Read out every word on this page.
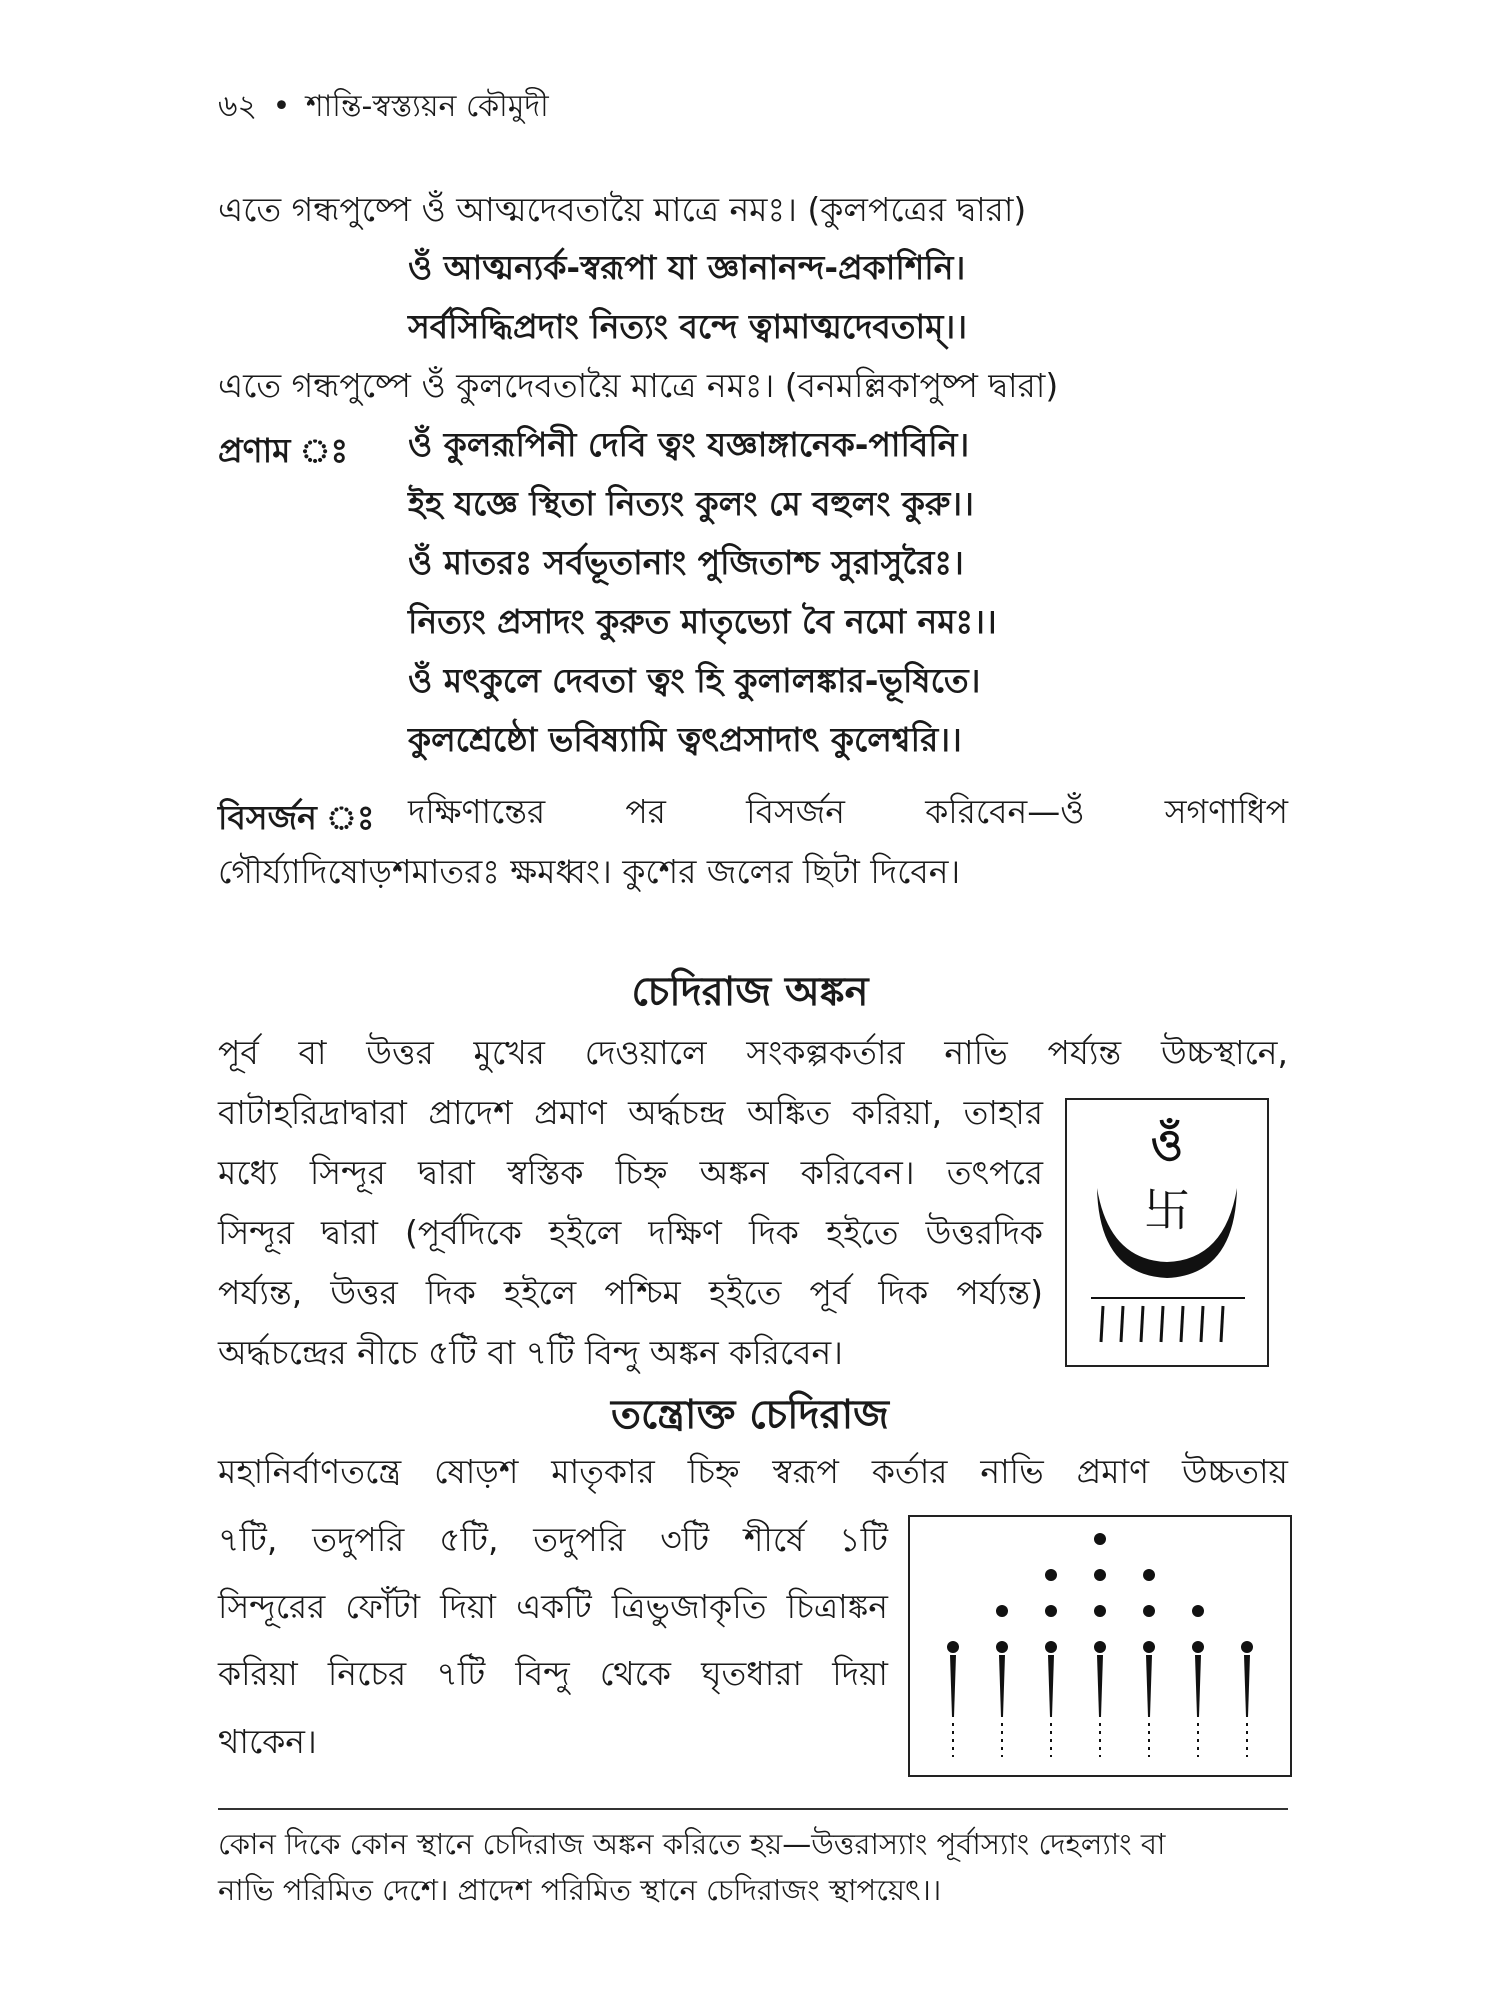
৬২ • শান্তি-স্বস্ত্যয়ন কৌমুদী
এতে গন্ধপুষ্পে ওঁ আত্মদেবতায়ৈ মাত্রে নমঃ। (কুলপত্রের দ্বারা)
ওঁ আত্মন্যর্ক-স্বরূপা যা জ্ঞানানন্দ-প্রকাশিনি।
সর্বসিদ্ধিপ্রদাং নিত্যং বন্দে ত্বামাত্মদেবতাম্।।
এতে গন্ধপুষ্পে ওঁ কুলদেবতায়ৈ মাত্রে নমঃ। (বনমল্লিকাপুষ্প দ্বারা)
প্রণাম ঃ ওঁ কুলরূপিনী দেবি ত্বং যজ্ঞাঙ্গানেক-পাবিনি।
ইহ যজ্ঞে স্থিতা নিত্যং কুলং মে বহুলং কুরু।।
ওঁ মাতরঃ সর্বভূতানাং পুজিতাশ্চ সুরাসুরৈঃ।
নিত্যং প্রসাদং কুরুত মাতৃভ্যো বৈ নমো নমঃ।।
ওঁ মৎকুলে দেবতা ত্বং হি কুলালঙ্কার-ভূষিতে।
কুলশ্রেষ্ঠো ভবিষ্যামি ত্বৎপ্রসাদাৎ কুলেশ্বরি।।
বিসর্জন ঃ দক্ষিণান্তের পর বিসর্জন করিবেন—ওঁ সগণাধিপ
গৌর্য্যাদিষোড়শমাতরঃ ক্ষমধ্বং। কুশের জলের ছিটা দিবেন।
চেদিরাজ অঙ্কন
পূর্ব বা উত্তর মুখের দেওয়ালে সংকল্পকর্তার নাভি পর্য্যন্ত উচ্চস্থানে,
বাটাহরিদ্রাদ্বারা প্রাদেশ প্রমাণ অর্দ্ধচন্দ্র অঙ্কিত করিয়া, তাহার
মধ্যে সিন্দূর দ্বারা স্বস্তিক চিহ্ন অঙ্কন করিবেন। তৎপরে
সিন্দূর দ্বারা (পূর্বদিকে হইলে দক্ষিণ দিক হইতে উত্তরদিক
পর্য্যন্ত, উত্তর দিক হইলে পশ্চিম হইতে পূর্ব দিক পর্য্যন্ত)
অর্দ্ধচন্দ্রের নীচে ৫টি বা ৭টি বিন্দু অঙ্কন করিবেন।
ওঁ
卐
তন্ত্রোক্ত চেদিরাজ
মহানির্বাণতন্ত্রে ষোড়শ মাতৃকার চিহ্ন স্বরূপ কর্তার নাভি প্রমাণ উচ্চতায়
৭টি, তদুপরি ৫টি, তদুপরি ৩টি শীর্ষে ১টি
সিন্দূরের ফোঁটা দিয়া একটি ত্রিভুজাকৃতি চিত্রাঙ্কন
করিয়া নিচের ৭টি বিন্দু থেকে ঘৃতধারা দিয়া
থাকেন।
কোন দিকে কোন স্থানে চেদিরাজ অঙ্কন করিতে হয়—উত্তরাস্যাং পূর্বাস্যাং দেহল্যাং বা
নাভি পরিমিত দেশে। প্রাদেশ পরিমিত স্থানে চেদিরাজং স্থাপয়েৎ।।
